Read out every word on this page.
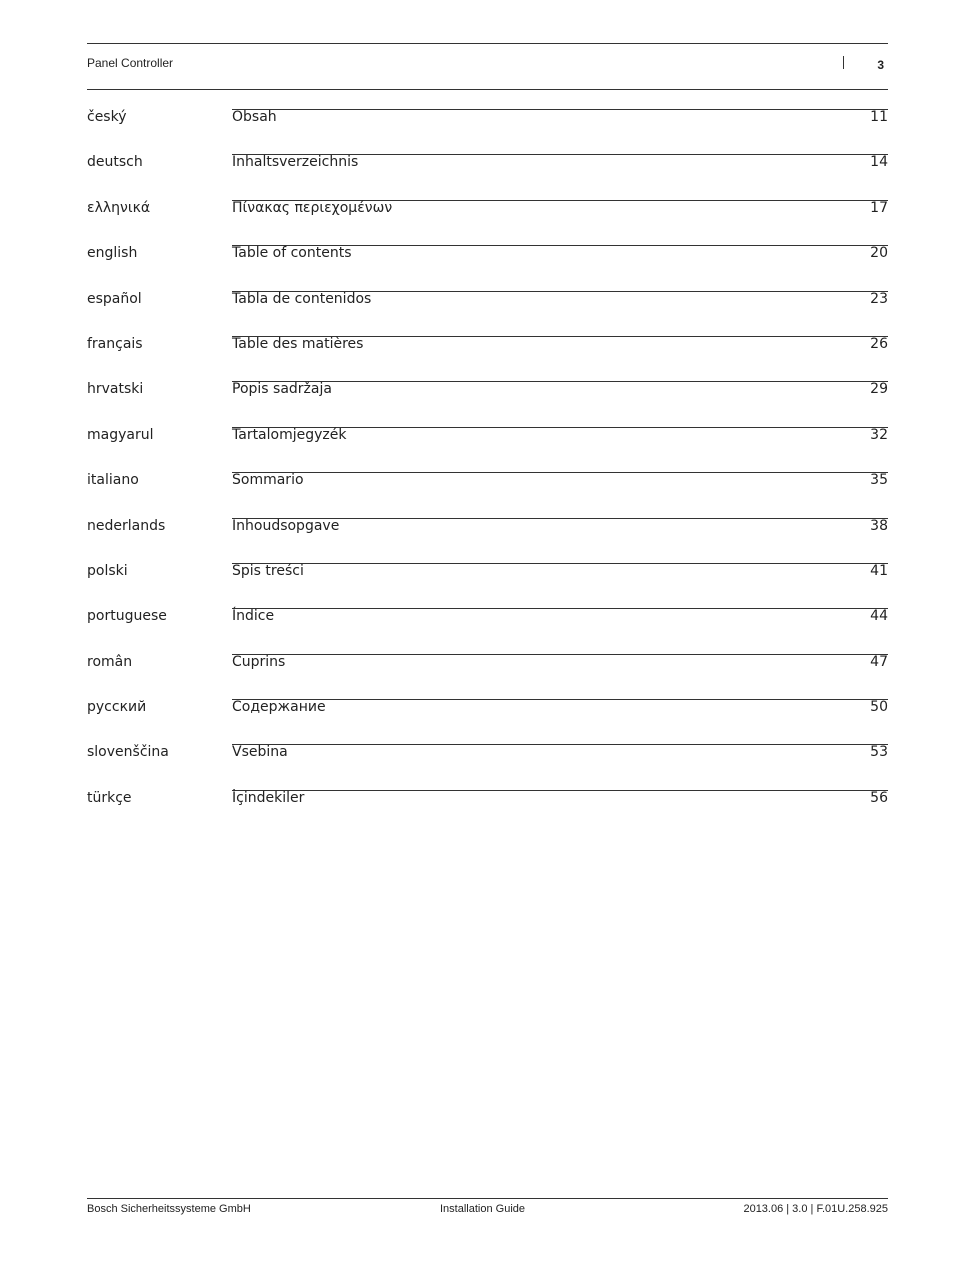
Panel Controller	3
český	Obsah	11
deutsch	Inhaltsverzeichnis	14
ελληνικά	Πίνακας περιεχομένων	17
english	Table of contents	20
español	Tabla de contenidos	23
français	Table des matières	26
hrvatski	Popis sadržaja	29
magyarul	Tartalomjegyzék	32
italiano	Sommario	35
nederlands	Inhoudsopgave	38
polski	Spis treści	41
portuguese	Índice	44
român	Cuprins	47
русский	Содержание	50
slovenščina	Vsebina	53
türkçe	İçindekiler	56
Bosch Sicherheitssysteme GmbH	Installation Guide	2013.06 | 3.0 | F.01U.258.925
